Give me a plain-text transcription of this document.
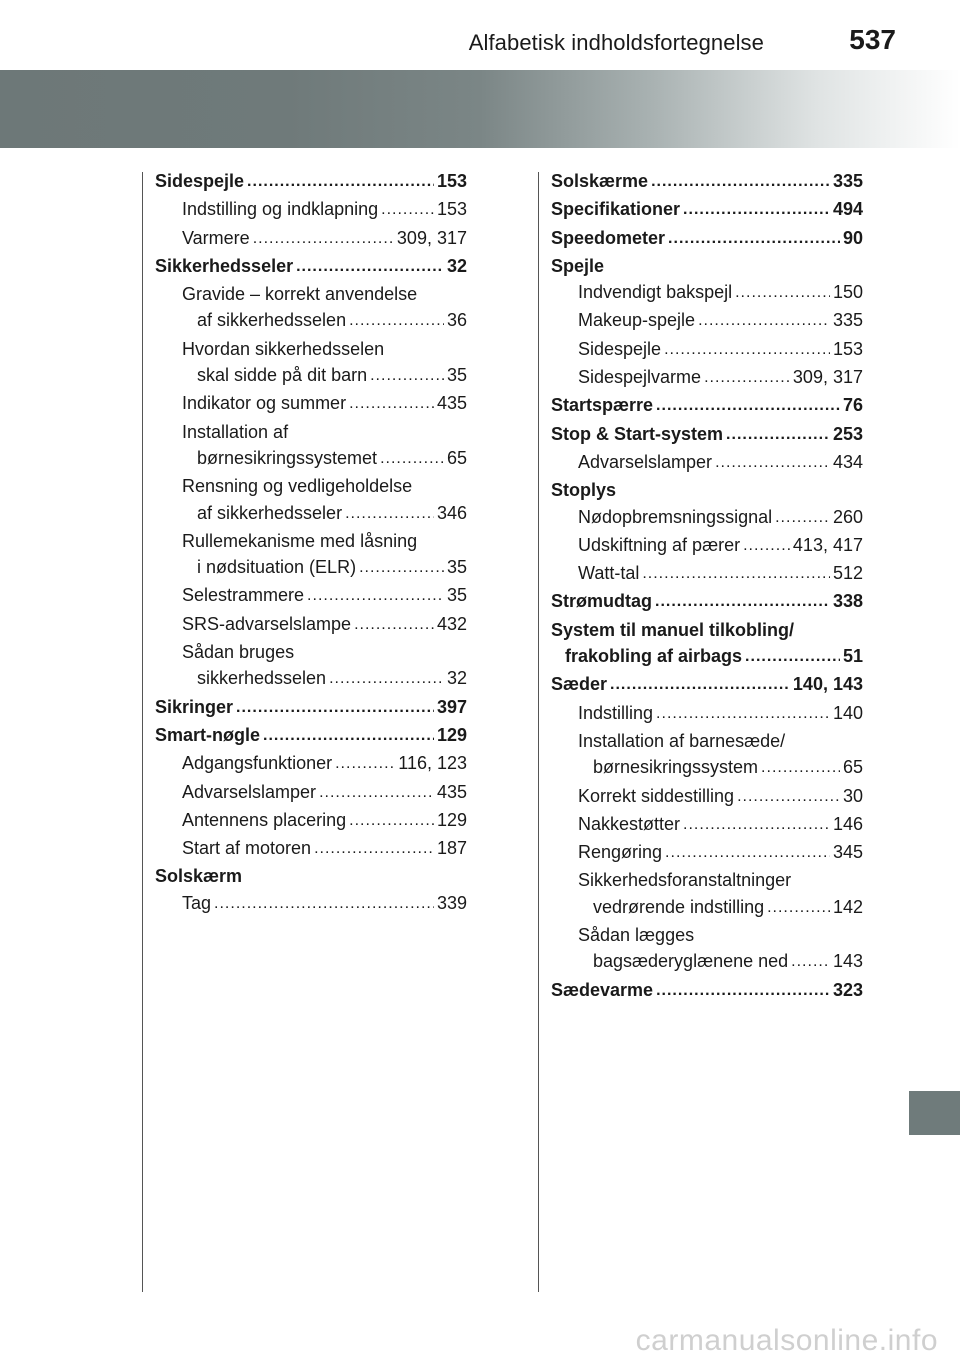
Alfabetisk indholdsfortegnelse	537
Sidespejle .....	153
Indstilling og indklapning .....	153
Varmere .....	309, 317
Sikkerhedsseler .....	32
Gravide – korrekt anvendelse
af sikkerhedsselen .....	36
Hvordan sikkerhedsselen
skal sidde på dit barn .....	35
Indikator og summer .....	435
Installation af
børnesikringssystemet .....	65
Rensning og vedligeholdelse
af sikkerhedsseler .....	346
Rullemekanisme med låsning
i nødsituation (ELR) .....	35
Selestrammere .....	35
SRS-advarselslampe .....	432
Sådan bruges
sikkerhedsselen .....	32
Sikringer .....	397
Smart-nøgle .....	129
Adgangsfunktioner .....	116, 123
Advarselslamper .....	435
Antennens placering .....	129
Start af motoren .....	187
Solskærm
Tag .....	339
Solskærme .....	335
Specifikationer .....	494
Speedometer .....	90
Spejle
Indvendigt bakspejl .....	150
Makeup-spejle .....	335
Sidespejle .....	153
Sidespejlvarme .....	309, 317
Startspærre .....	76
Stop & Start-system .....	253
Advarselslamper .....	434
Stoplys
Nødopbremsningssignal .....	260
Udskiftning af pærer .....	413, 417
Watt-tal .....	512
Strømudtag .....	338
System til manuel tilkobling/
frakobling af airbags .....	51
Sæder .....	140, 143
Indstilling .....	140
Installation af barnesæde/
børnesikringssystem .....	65
Korrekt siddestilling .....	30
Nakkestøtter .....	146
Rengøring .....	345
Sikkerhedsforanstaltninger
vedrørende indstilling .....	142
Sådan lægges
bagsæderyglænene ned ..... 143
Sædevarme .....	323
carmanualsonline.info
